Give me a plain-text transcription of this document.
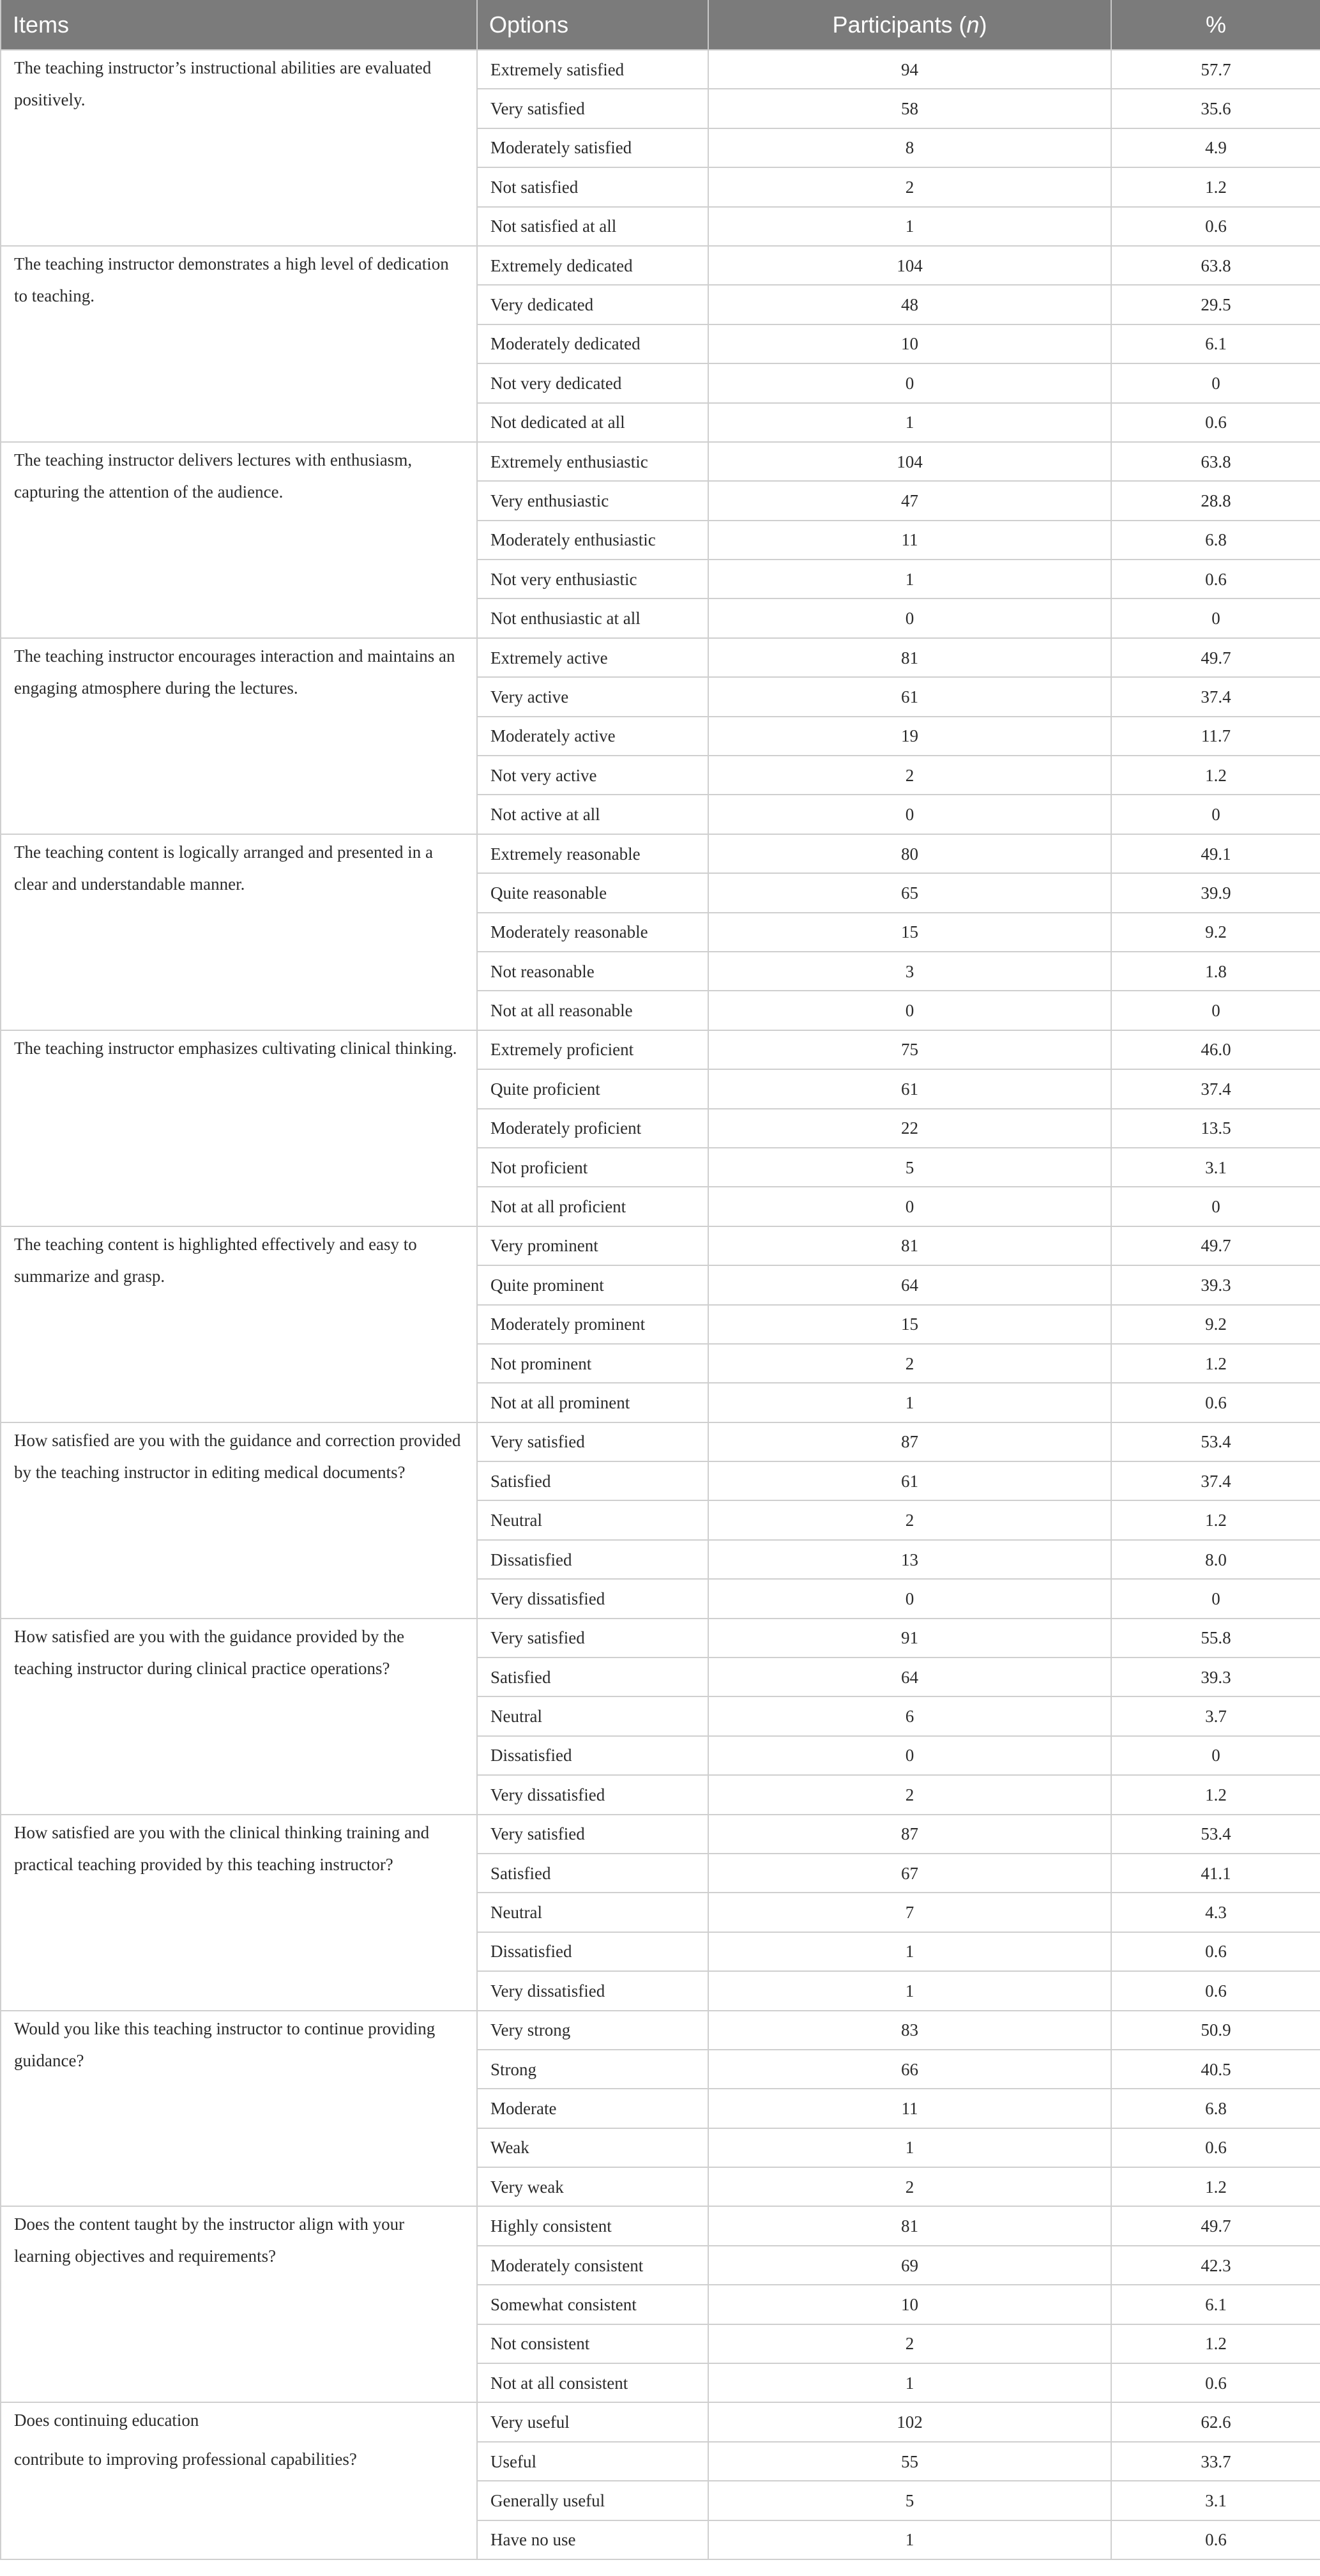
Items	Options	Participants (n)	%
The teaching instructor’s instructional abilities are evaluated positively.	Extremely satisfied	94	57.7
	Very satisfied	58	35.6
	Moderately satisfied	8	4.9
	Not satisfied	2	1.2
	Not satisfied at all	1	0.6
The teaching instructor demonstrates a high level of dedication to teaching.	Extremely dedicated	104	63.8
	Very dedicated	48	29.5
	Moderately dedicated	10	6.1
	Not very dedicated	0	0
	Not dedicated at all	1	0.6
The teaching instructor delivers lectures with enthusiasm, capturing the attention of the audience.	Extremely enthusiastic	104	63.8
	Very enthusiastic	47	28.8
	Moderately enthusiastic	11	6.8
	Not very enthusiastic	1	0.6
	Not enthusiastic at all	0	0
The teaching instructor encourages interaction and maintains an engaging atmosphere during the lectures.	Extremely active	81	49.7
	Very active	61	37.4
	Moderately active	19	11.7
	Not very active	2	1.2
	Not active at all	0	0
The teaching content is logically arranged and presented in a clear and understandable manner.	Extremely reasonable	80	49.1
	Quite reasonable	65	39.9
	Moderately reasonable	15	9.2
	Not reasonable	3	1.8
	Not at all reasonable	0	0
The teaching instructor emphasizes cultivating clinical thinking.	Extremely proficient	75	46.0
	Quite proficient	61	37.4
	Moderately proficient	22	13.5
	Not proficient	5	3.1
	Not at all proficient	0	0
The teaching content is highlighted effectively and easy to summarize and grasp.	Very prominent	81	49.7
	Quite prominent	64	39.3
	Moderately prominent	15	9.2
	Not prominent	2	1.2
	Not at all prominent	1	0.6
How satisfied are you with the guidance and correction provided by the teaching instructor in editing medical documents?	Very satisfied	87	53.4
	Satisfied	61	37.4
	Neutral	2	1.2
	Dissatisfied	13	8.0
	Very dissatisfied	0	0
How satisfied are you with the guidance provided by the teaching instructor during clinical practice operations?	Very satisfied	91	55.8
	Satisfied	64	39.3
	Neutral	6	3.7
	Dissatisfied	0	0
	Very dissatisfied	2	1.2
How satisfied are you with the clinical thinking training and practical teaching provided by this teaching instructor?	Very satisfied	87	53.4
	Satisfied	67	41.1
	Neutral	7	4.3
	Dissatisfied	1	0.6
	Very dissatisfied	1	0.6
Would you like this teaching instructor to continue providing guidance?	Very strong	83	50.9
	Strong	66	40.5
	Moderate	11	6.8
	Weak	1	0.6
	Very weak	2	1.2
Does the content taught by the instructor align with your learning objectives and requirements?	Highly consistent	81	49.7
	Moderately consistent	69	42.3
	Somewhat consistent	10	6.1
	Not consistent	2	1.2
	Not at all consistent	1	0.6

Does continuing education
contribute to improving professional capabilities?	Very useful	102	62.6
	Useful	55	33.7
	Generally useful	5	3.1
	Have no use	1	0.6
